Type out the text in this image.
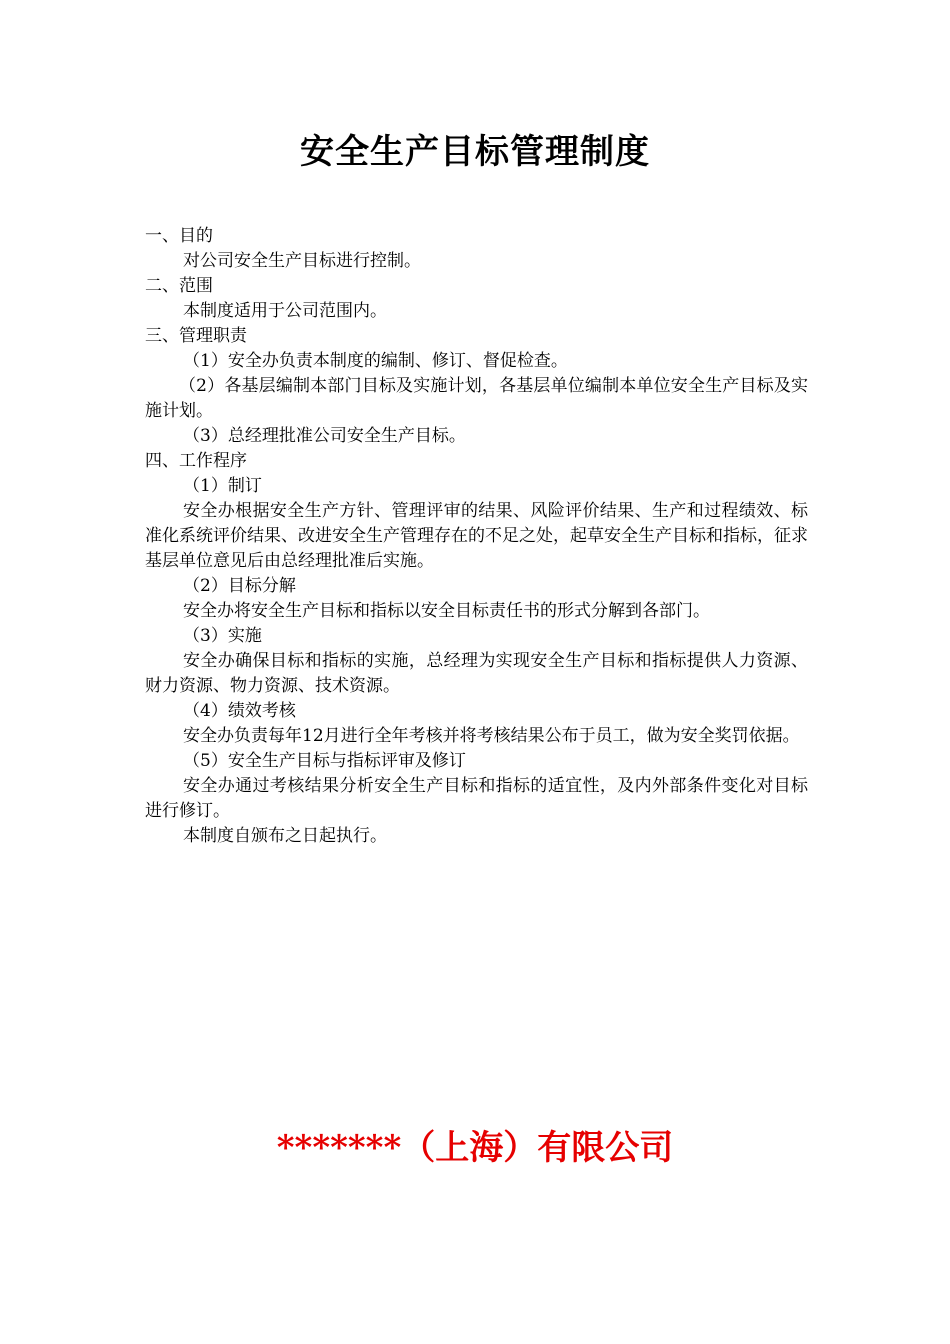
安全生产目标管理制度

一、目的

对公司安全生产目标进行控制。

二、范围

本制度适用于公司范围内。

三、管理职责

（1）安全办负责本制度的编制、修订、督促检查。

（2）各基层编制本部门目标及实施计划，各基层单位编制本单位安全生产目标及实施计划。

（3）总经理批准公司安全生产目标。

四、工作程序

（1）制订

安全办根据安全生产方针、管理评审的结果、风险评价结果、生产和过程绩效、标准化系统评价结果、改进安全生产管理存在的不足之处，起草安全生产目标和指标，征求基层单位意见后由总经理批准后实施。

（2）目标分解

安全办将安全生产目标和指标以安全目标责任书的形式分解到各部门。

（3）实施

安全办确保目标和指标的实施，总经理为实现安全生产目标和指标提供人力资源、财力资源、物力资源、技术资源。

（4）绩效考核

安全办负责每年12月进行全年考核并将考核结果公布于员工，做为安全奖罚依据。

（5）安全生产目标与指标评审及修订

安全办通过考核结果分析安全生产目标和指标的适宜性，及内外部条件变化对目标进行修订。

本制度自颁布之日起执行。

*******（上海）有限公司
